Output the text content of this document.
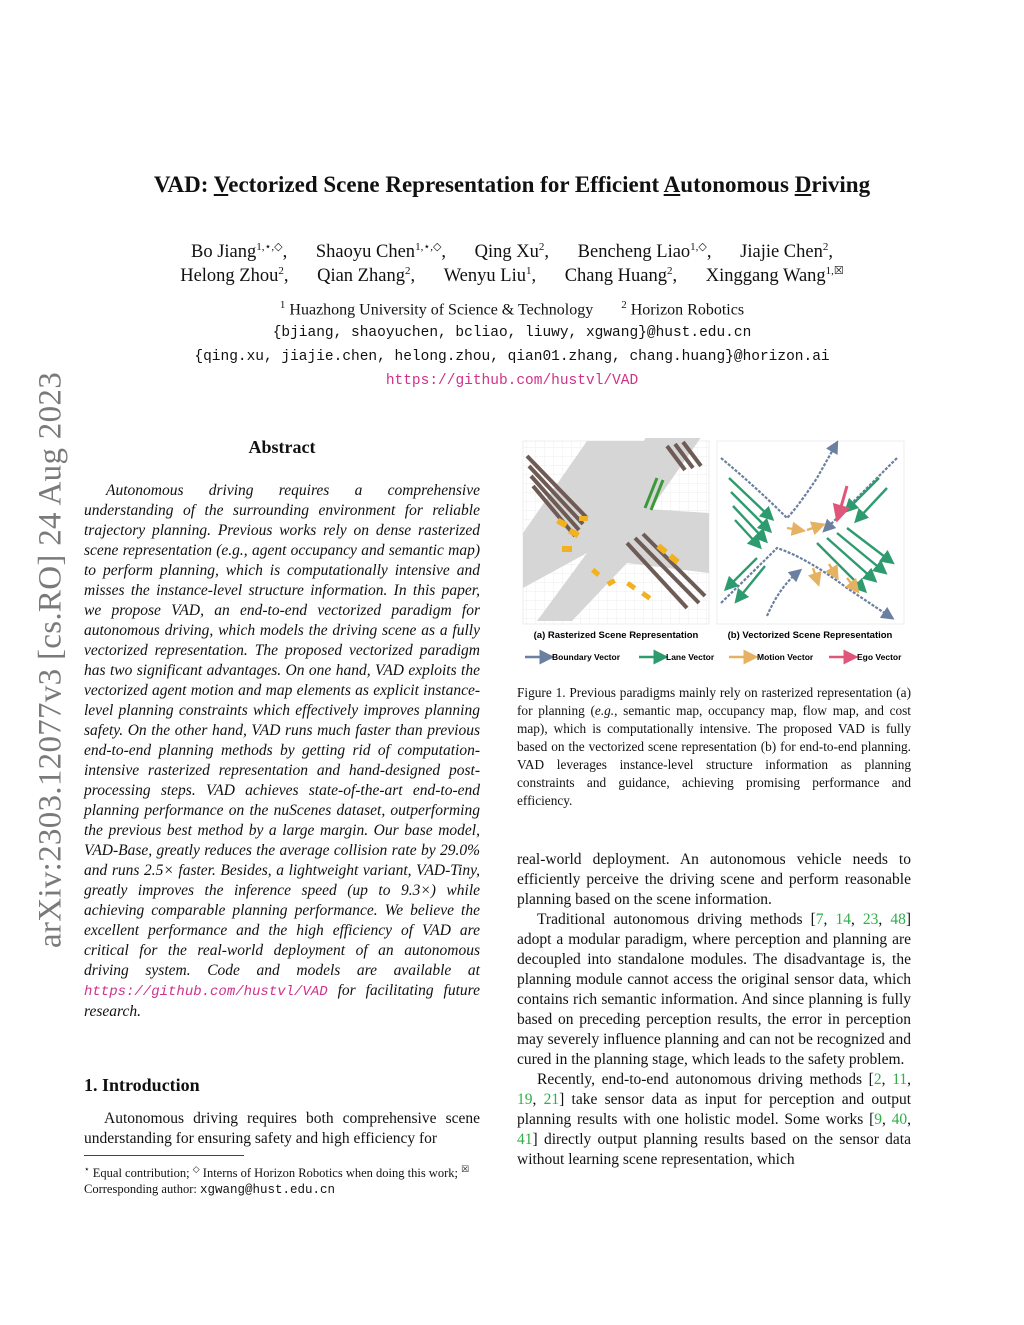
arXiv:2303.12077v3 [cs.RO] 24 Aug 2023
VAD: Vectorized Scene Representation for Efficient Autonomous Driving
Bo Jiang$^{1,⋆,◇}$, Shaoyu Chen$^{1,⋆,◇}$, Qing Xu$^2$, Bencheng Liao$^{1,◇}$, Jiajie Chen$^2$,
Helong Zhou$^2$, Qian Zhang$^2$, Wenyu Liu$^1$, Chang Huang$^2$, Xinggang Wang$^{1,☒}$
$^1$ Huazhong University of Science & Technology	$^2$ Horizon Robotics
{bjiang, shaoyuchen, bcliao, liuwy, xgwang}@hust.edu.cn
{qing.xu, jiajie.chen, helong.zhou, qian01.zhang, chang.huang}@horizon.ai
https://github.com/hustvl/VAD
Abstract
Autonomous driving requires a comprehensive understanding of the surrounding environment for reliable trajectory planning. Previous works rely on dense rasterized scene representation (e.g., agent occupancy and semantic map) to perform planning, which is computationally intensive and misses the instance-level structure information. In this paper, we propose VAD, an end-to-end vectorized paradigm for autonomous driving, which models the driving scene as a fully vectorized representation. The proposed vectorized paradigm has two significant advantages. On one hand, VAD exploits the vectorized agent motion and map elements as explicit instance-level planning constraints which effectively improves planning safety. On the other hand, VAD runs much faster than previous end-to-end planning methods by getting rid of computation-intensive rasterized representation and hand-designed post-processing steps. VAD achieves state-of-the-art end-to-end planning performance on the nuScenes dataset, outperforming the previous best method by a large margin. Our base model, VAD-Base, greatly reduces the average collision rate by 29.0% and runs 2.5× faster. Besides, a lightweight variant, VAD-Tiny, greatly improves the inference speed (up to 9.3×) while achieving comparable planning performance. We believe the excellent performance and the high efficiency of VAD are critical for the real-world deployment of an autonomous driving system. Code and models are available at https://github.com/hustvl/VAD for facilitating future research.
1. Introduction
Autonomous driving requires both comprehensive scene understanding for ensuring safety and high efficiency for
⋆ Equal contribution; ◇ Interns of Horizon Robotics when doing this work; ☒ Corresponding author: xgwang@hust.edu.cn
(a) Rasterized Scene Representation	(b) Vectorized Scene Representation
Boundary Vector	Lane Vector	Motion Vector	Ego Vector
Figure 1. Previous paradigms mainly rely on rasterized representation (a) for planning (e.g., semantic map, occupancy map, flow map, and cost map), which is computationally intensive. The proposed VAD is fully based on the vectorized scene representation (b) for end-to-end planning. VAD leverages instance-level structure information as planning constraints and guidance, achieving promising performance and efficiency.

real-world deployment. An autonomous vehicle needs to efficiently perceive the driving scene and perform reasonable planning based on the scene information.

Traditional autonomous driving methods [7, 14, 23, 48] adopt a modular paradigm, where perception and planning are decoupled into standalone modules. The disadvantage is, the planning module cannot access the original sensor data, which contains rich semantic information. And since planning is fully based on preceding perception results, the error in perception may severely influence planning and can not be recognized and cured in the planning stage, which leads to the safety problem.

Recently, end-to-end autonomous driving methods [2, 11, 19, 21] take sensor data as input for perception and output planning results with one holistic model. Some works [9, 40, 41] directly output planning results based on the sensor data without learning scene representation, which
